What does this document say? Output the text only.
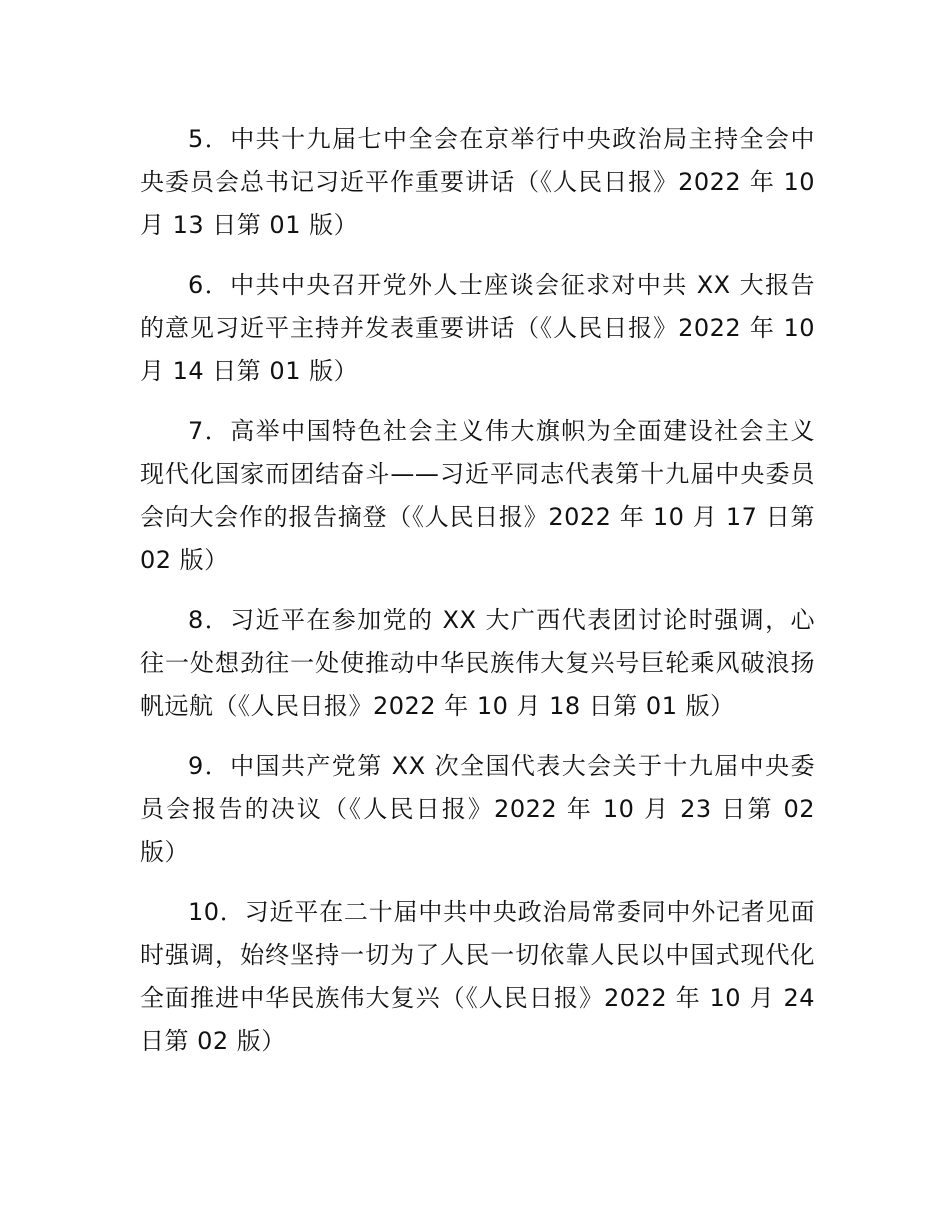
5．中共十九届七中全会在京举行中央政治局主持全会中央委员会总书记习近平作重要讲话（《人民日报》2022 年 10 月 13 日第 01 版）

6．中共中央召开党外人士座谈会征求对中共 XX 大报告的意见习近平主持并发表重要讲话（《人民日报》2022 年 10 月 14 日第 01 版）

7．高举中国特色社会主义伟大旗帜为全面建设社会主义现代化国家而团结奋斗——习近平同志代表第十九届中央委员会向大会作的报告摘登（《人民日报》2022 年 10 月 17 日第 02 版）

8．习近平在参加党的 XX 大广西代表团讨论时强调，心往一处想劲往一处使推动中华民族伟大复兴号巨轮乘风破浪扬帆远航（《人民日报》2022 年 10 月 18 日第 01 版）

9．中国共产党第 XX 次全国代表大会关于十九届中央委员会报告的决议（《人民日报》2022 年 10 月 23 日第 02 版）

10．习近平在二十届中共中央政治局常委同中外记者见面时强调，始终坚持一切为了人民一切依靠人民以中国式现代化全面推进中华民族伟大复兴（《人民日报》2022 年 10 月 24 日第 02 版）
